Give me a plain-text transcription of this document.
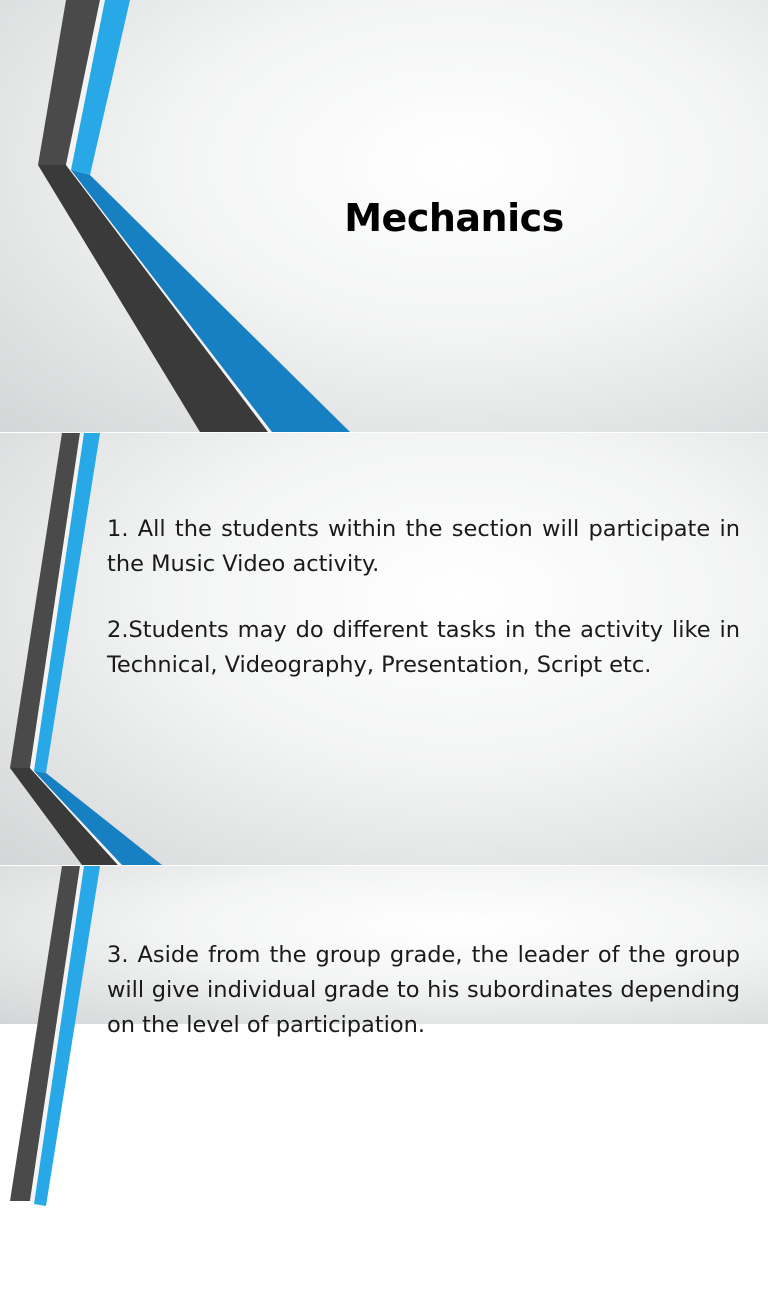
Mechanics

1. All the students within the section will participate in the Music Video activity.

2.Students may do different tasks in the activity like in Technical, Videography, Presentation, Script etc.

3. Aside from the group grade, the leader of the group will give individual grade to his subordinates depending on the level of participation.
